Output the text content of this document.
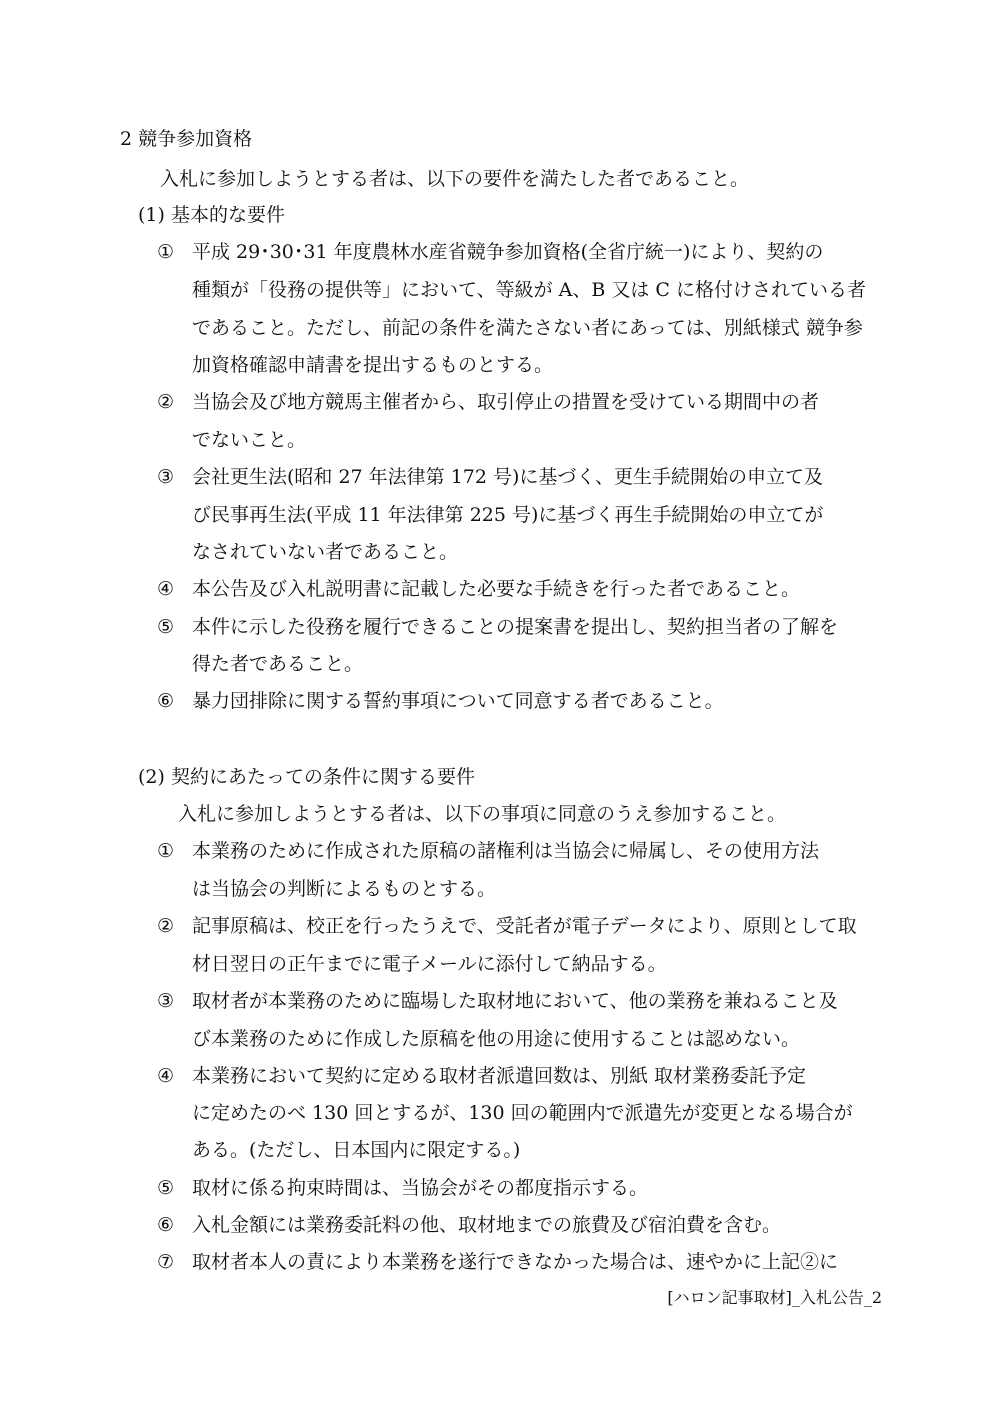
2 競争参加資格
入札に参加しようとする者は、以下の要件を満たした者であること。
(1) 基本的な要件
① 平成 29･30･31 年度農林水産省競争参加資格(全省庁統一)により、契約の
種類が「役務の提供等」において、等級が A、B 又は C に格付けされている者
であること。ただし、前記の条件を満たさない者にあっては、別紙様式 競争参
加資格確認申請書を提出するものとする。
② 当協会及び地方競馬主催者から、取引停止の措置を受けている期間中の者
でないこと。
③ 会社更生法(昭和 27 年法律第 172 号)に基づく、更生手続開始の申立て及
び民事再生法(平成 11 年法律第 225 号)に基づく再生手続開始の申立てが
なされていない者であること。
④ 本公告及び入札説明書に記載した必要な手続きを行った者であること。
⑤ 本件に示した役務を履行できることの提案書を提出し、契約担当者の了解を
得た者であること。
⑥ 暴力団排除に関する誓約事項について同意する者であること。
(2) 契約にあたっての条件に関する要件
入札に参加しようとする者は、以下の事項に同意のうえ参加すること。
① 本業務のために作成された原稿の諸権利は当協会に帰属し、その使用方法
は当協会の判断によるものとする。
② 記事原稿は、校正を行ったうえで、受託者が電子データにより、原則として取
材日翌日の正午までに電子メールに添付して納品する。
③ 取材者が本業務のために臨場した取材地において、他の業務を兼ねること及
び本業務のために作成した原稿を他の用途に使用することは認めない。
④ 本業務において契約に定める取材者派遣回数は、別紙 取材業務委託予定
に定めたのべ 130 回とするが、130 回の範囲内で派遣先が変更となる場合が
ある。(ただし、日本国内に限定する。)
⑤ 取材に係る拘束時間は、当協会がその都度指示する。
⑥ 入札金額には業務委託料の他、取材地までの旅費及び宿泊費を含む。
⑦ 取材者本人の責により本業務を遂行できなかった場合は、速やかに上記②に
[ハロン記事取材]_入札公告_2
